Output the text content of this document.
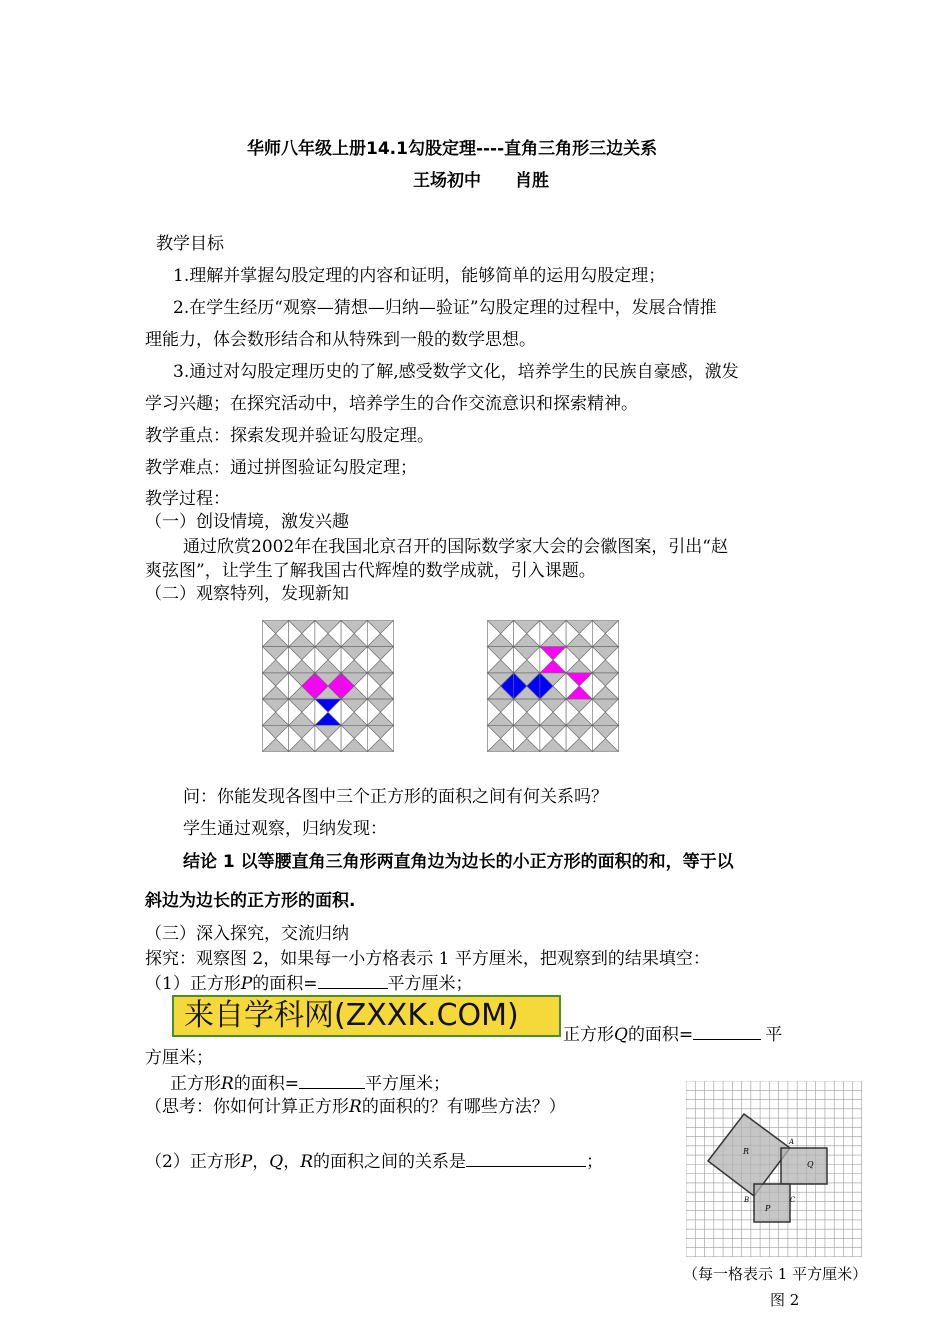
华师八年级上册14.1勾股定理----直角三角形三边关系
王场初中　　肖胜
教学目标
1.理解并掌握勾股定理的内容和证明，能够简单的运用勾股定理；
2.在学生经历“观察—猜想—归纳—验证”勾股定理的过程中，发展合情推
理能力，体会数形结合和从特殊到一般的数学思想。
3.通过对勾股定理历史的了解,感受数学文化，培养学生的民族自豪感，激发
学习兴趣；在探究活动中，培养学生的合作交流意识和探索精神。
教学重点：探索发现并验证勾股定理。
教学难点：通过拼图验证勾股定理；
教学过程：
（一）创设情境，激发兴趣
通过欣赏2002年在我国北京召开的国际数学家大会的会徽图案，引出“赵
爽弦图”，让学生了解我国古代辉煌的数学成就，引入课题。
（二）观察特列，发现新知
问：你能发现各图中三个正方形的面积之间有何关系吗？
学生通过观察，归纳发现：
结论 1 以等腰直角三角形两直角边为边长的小正方形的面积的和，等于以
斜边为边长的正方形的面积.
（三）深入探究，交流归纳
探究：观察图 2，如果每一小方格表示 1 平方厘米，把观察到的结果填空：
（1）正方形P的面积=	平方厘米；
来自学科网(ZXXK.COM)
正方形Q的面积=	平
方厘米；
正方形R的面积=	平方厘米；
（思考：你如何计算正方形R的面积的？有哪些方法？）
（2）正方形P，Q，R的面积之间的关系是	；
R
Q
P
A
B	C
（每一格表示 1 平方厘米）
图 2
